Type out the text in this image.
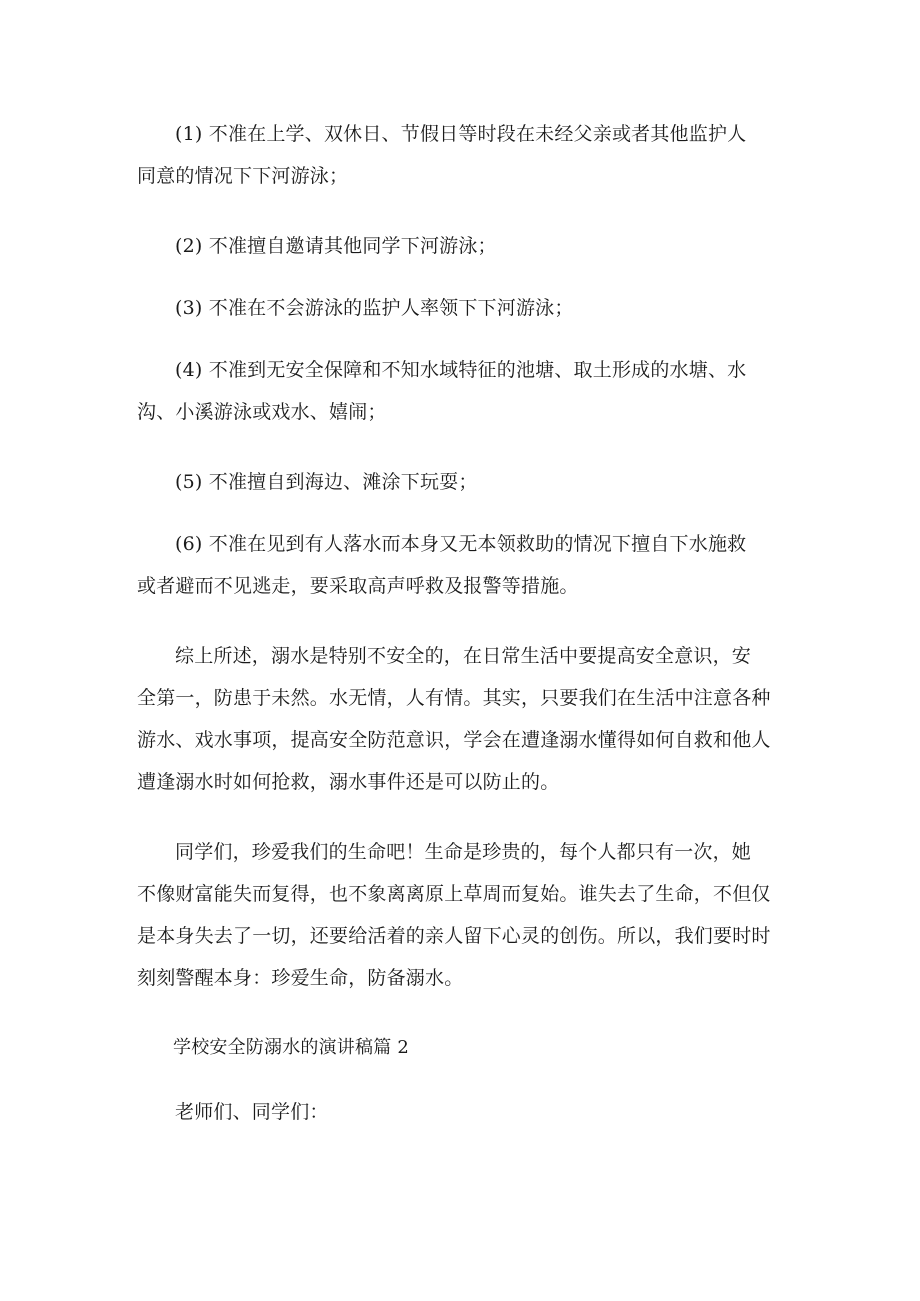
(1) 不准在上学、双休日、节假日等时段在未经父亲或者其他监护人
同意的情况下下河游泳；
(2) 不准擅自邀请其他同学下河游泳；
(3) 不准在不会游泳的监护人率领下下河游泳；
(4) 不准到无安全保障和不知水域特征的池塘、取土形成的水塘、水
沟、小溪游泳或戏水、嬉闹；
(5) 不准擅自到海边、滩涂下玩耍；
(6) 不准在见到有人落水而本身又无本领救助的情况下擅自下水施救
或者避而不见逃走，要采取高声呼救及报警等措施。
综上所述，溺水是特别不安全的，在日常生活中要提高安全意识，安
全第一，防患于未然。水无情，人有情。其实，只要我们在生活中注意各种
游水、戏水事项，提高安全防范意识，学会在遭逢溺水懂得如何自救和他人
遭逢溺水时如何抢救，溺水事件还是可以防止的。
同学们，珍爱我们的生命吧！生命是珍贵的，每个人都只有一次，她
不像财富能失而复得，也不象离离原上草周而复始。谁失去了生命，不但仅
是本身失去了一切，还要给活着的亲人留下心灵的创伤。所以，我们要时时
刻刻警醒本身：珍爱生命，防备溺水。
学校安全防溺水的演讲稿篇 2
老师们、同学们：
